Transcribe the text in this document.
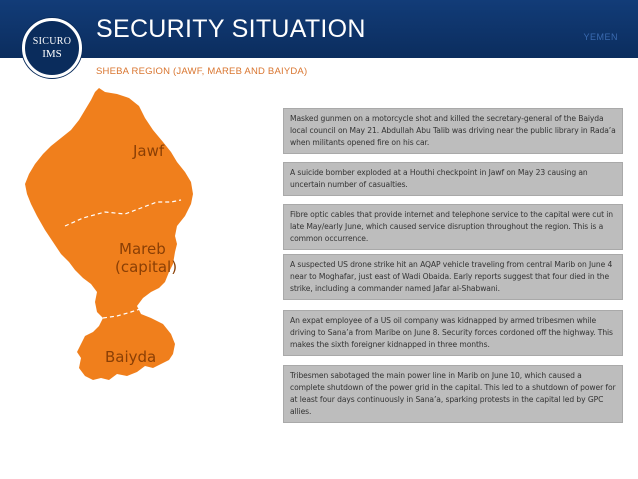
SECURITY SITUATION	YEMEN
SICURO
IMS
SHEBA REGION (JAWF, MAREB AND BAIYDA)
Jawf
Mareb
(capital)
Baiyda
Masked gunmen on a motorcycle shot and killed the secretary-general of the Baiyda local council on May 21. Abdullah Abu Talib was driving near the public library in Rada’a when militants opened fire on his car.
A suicide bomber exploded at a Houthi checkpoint in Jawf on May 23 causing an uncertain number of casualties.
Fibre optic cables that provide internet and telephone service to the capital were cut in late May/early June, which caused service disruption throughout the region. This is a common occurrence.
A suspected US drone strike hit an AQAP vehicle traveling from central Marib on June 4 near to Moghafar, just east of Wadi Obaida. Early reports suggest that four died in the strike, including a commander named Jafar al-Shabwani.
An expat employee of a US oil company was kidnapped by armed tribesmen while driving to Sana’a from Maribe on June 8. Security forces cordoned off the highway. This makes the sixth foreigner kidnapped in three months.
Tribesmen sabotaged the main power line in Marib on June 10, which caused a complete shutdown of the power grid in the capital. This led to a shutdown of power for at least four days continuously in Sana’a, sparking protests in the capital led by GPC allies.
